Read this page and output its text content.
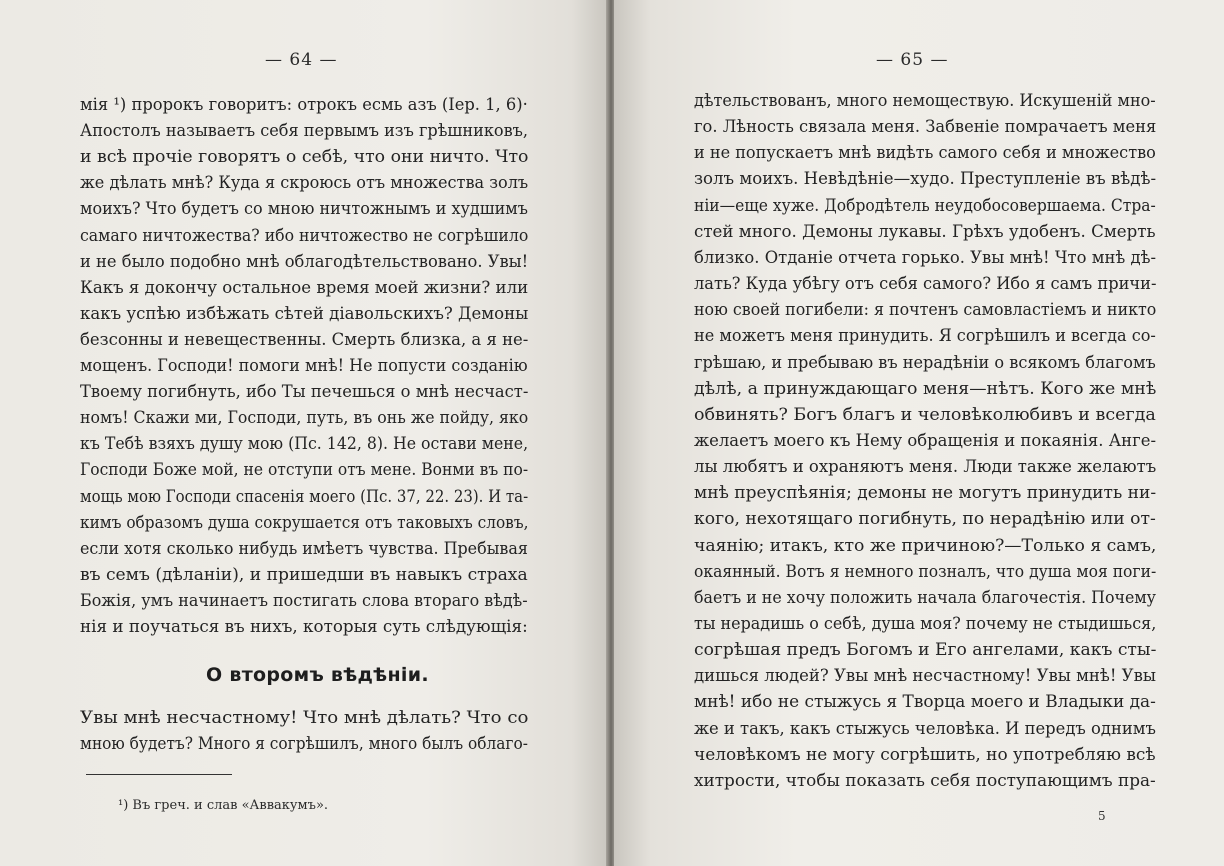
— 64 —
мія ¹) пророкъ говоритъ: отрокъ есмь азъ (Іер. 1, 6)·
Апостолъ называетъ себя первымъ изъ грѣшниковъ,
и всѣ прочіе говорятъ о себѣ, что они ничто. Что
же дѣлать мнѣ? Куда я скроюсь отъ множества золъ
моихъ? Что будетъ со мною ничтожнымъ и худшимъ
самаго ничтожества? ибо ничтожество не согрѣшило
и не было подобно мнѣ облагодѣтельствовано. Увы!
Какъ я докончу остальное время моей жизни? или
какъ успѣю избѣжать сѣтей діавольскихъ? Демоны
безсонны и невещественны. Смерть близка, а я не-
мощенъ. Господи! помоги мнѣ! Не попусти созданію
Твоему погибнуть, ибо Ты печешься о мнѣ несчаст-
номъ! Скажи ми, Господи, путь, въ онь же пойду, яко
къ Тебѣ взяхъ душу мою (Пс. 142, 8). Не остави мене,
Господи Боже мой, не отступи отъ мене. Вонми въ по-
мощь мою Господи спасенія моего (Пс. 37, 22. 23). И та-
кимъ образомъ душа сокрушается отъ таковыхъ словъ,
если хотя сколько нибудь имѣетъ чувства. Пребывая
въ семъ (дѣланіи), и пришедши въ навыкъ страха
Божія, умъ начинаетъ постигать слова вторагo вѣдѣ-
нія и поучаться въ нихъ, которыя суть слѣдующія:
О второмъ вѣдѣніи.
Увы мнѣ несчастному! Что мнѣ дѣлать? Что со
мною будетъ? Много я согрѣшилъ, много былъ облаго-
¹) Въ греч. и слав «Аввакумъ».
— 65 —
дѣтельствованъ, много немоществую. Искушеній мно-
го. Лѣность связала меня. Забвеніе помрачаетъ меня
и не попускаетъ мнѣ видѣть самого себя и множество
золъ моихъ. Невѣдѣніе—худо. Преступленіе въ вѣдѣ-
ніи—еще хуже. Добродѣтель неудобосовершаема. Стра-
стей много. Демоны лукавы. Грѣхъ удобенъ. Смерть
близко. Отданіе отчета горько. Увы мнѣ! Что мнѣ дѣ-
лать? Куда убѣгу отъ себя самого? Ибо я самъ причи-
ною своей погибели: я почтенъ самовластіемъ и никто
не можетъ меня принудить. Я согрѣшилъ и всегда со-
грѣшаю, и пребываю въ нерадѣніи о всякомъ благомъ
дѣлѣ, а принуждающаго меня—нѣтъ. Кого же мнѣ
обвинять? Богъ благъ и человѣколюбивъ и всегда
желаетъ моего къ Нему обращенія и покаянія. Анге-
лы любятъ и охраняютъ меня. Люди также желаютъ
мнѣ преуспѣянія; демоны не могутъ принудить ни-
кого, нехотящаго погибнуть, по нерадѣнію или от-
чаянію; итакъ, кто же причиною?—Только я самъ,
окаянный. Вотъ я немного позналъ, что душа моя поги-
баетъ и не хочу положить начала благочестія. Почему
ты нерадишь о себѣ, душа моя? почему не стыдишься,
согрѣшая предъ Богомъ и Его ангелами, какъ сты-
дишься людей? Увы мнѣ несчастному! Увы мнѣ! Увы
мнѣ! ибо не стыжусь я Творца моего и Владыки да-
же и такъ, какъ стыжусь человѣка. И передъ однимъ
человѣкомъ не могу согрѣшить, но употребляю всѣ
хитрости, чтобы показать себя поступающимъ пра-
5
